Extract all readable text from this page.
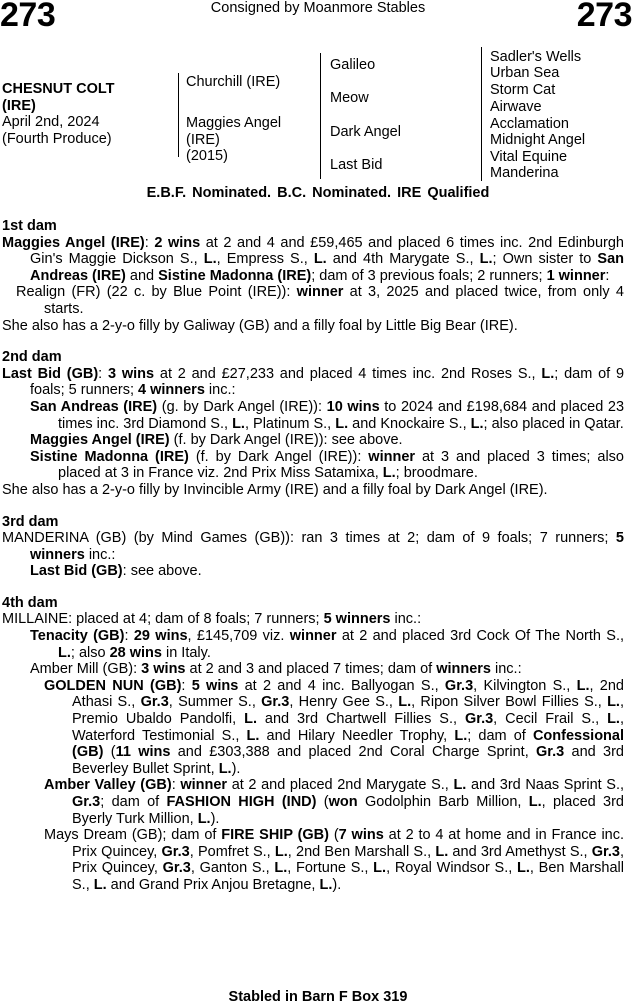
273	Consigned by Moanmore Stables	273
CHESNUT COLT
(IRE)
April 2nd, 2024
(Fourth Produce)
Churchill (IRE)
Maggies Angel
(IRE)
(2015)
Galileo
Meow
Dark Angel
Last Bid
Sadler's Wells
Urban Sea
Storm Cat
Airwave
Acclamation
Midnight Angel
Vital Equine
Manderina
E.B.F. Nominated. B.C. Nominated. IRE Qualified
1st dam

Maggies Angel (IRE): 2 wins at 2 and 4 and £59,465 and placed 6 times inc. 2nd Edinburgh Gin's Maggie Dickson S., L., Empress S., L. and 4th Marygate S., L.; Own sister to San Andreas (IRE) and Sistine Madonna (IRE); dam of 3 previous foals; 2 runners; 1 winner:

Realign (FR) (22 c. by Blue Point (IRE)): winner at 3, 2025 and placed twice, from only 4 starts.

She also has a 2-y-o filly by Galiway (GB) and a filly foal by Little Big Bear (IRE).

2nd dam

Last Bid (GB): 3 wins at 2 and £27,233 and placed 4 times inc. 2nd Roses S., L.; dam of 9 foals; 5 runners; 4 winners inc.:

San Andreas (IRE) (g. by Dark Angel (IRE)): 10 wins to 2024 and £198,684 and placed 23 times inc. 3rd Diamond S., L., Platinum S., L. and Knockaire S., L.; also placed in Qatar.

Maggies Angel (IRE) (f. by Dark Angel (IRE)): see above.

Sistine Madonna (IRE) (f. by Dark Angel (IRE)): winner at 3 and placed 3 times; also placed at 3 in France viz. 2nd Prix Miss Satamixa, L.; broodmare.

She also has a 2-y-o filly by Invincible Army (IRE) and a filly foal by Dark Angel (IRE).

3rd dam

MANDERINA (GB) (by Mind Games (GB)): ran 3 times at 2; dam of 9 foals; 7 runners; 5 winners inc.:

Last Bid (GB): see above.

4th dam

MILLAINE: placed at 4; dam of 8 foals; 7 runners; 5 winners inc.:

Tenacity (GB): 29 wins, £145,709 viz. winner at 2 and placed 3rd Cock Of The North S., L.; also 28 wins in Italy.

Amber Mill (GB): 3 wins at 2 and 3 and placed 7 times; dam of winners inc.:

GOLDEN NUN (GB): 5 wins at 2 and 4 inc. Ballyogan S., Gr.3, Kilvington S., L., 2nd Athasi S., Gr.3, Summer S., Gr.3, Henry Gee S., L., Ripon Silver Bowl Fillies S., L., Premio Ubaldo Pandolfi, L. and 3rd Chartwell Fillies S., Gr.3, Cecil Frail S., L., Waterford Testimonial S., L. and Hilary Needler Trophy, L.; dam of Confessional (GB) (11 wins and £303,388 and placed 2nd Coral Charge Sprint, Gr.3 and 3rd Beverley Bullet Sprint, L.).

Amber Valley (GB): winner at 2 and placed 2nd Marygate S., L. and 3rd Naas Sprint S., Gr.3; dam of FASHION HIGH (IND) (won Godolphin Barb Million, L., placed 3rd Byerly Turk Million, L.).

Mays Dream (GB); dam of FIRE SHIP (GB) (7 wins at 2 to 4 at home and in France inc. Prix Quincey, Gr.3, Pomfret S., L., 2nd Ben Marshall S., L. and 3rd Amethyst S., Gr.3, Prix Quincey, Gr.3, Ganton S., L., Fortune S., L., Royal Windsor S., L., Ben Marshall S., L. and Grand Prix Anjou Bretagne, L.).

Stabled in Barn F Box 319
